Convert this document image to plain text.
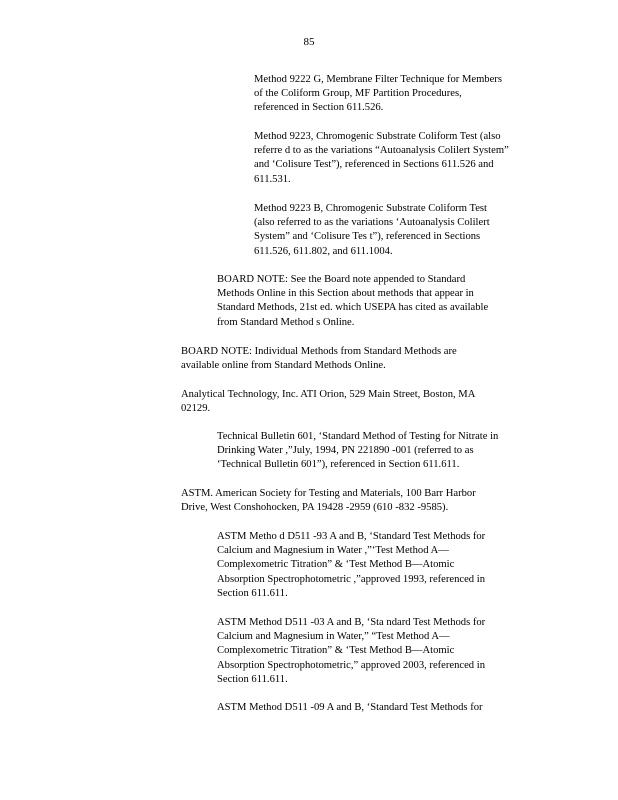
85
Method 9222 G, Membrane Filter Technique for Members
of the Coliform Group, MF Partition Procedures,
referenced in Section 611.526.
Method 9223, Chromogenic Substrate Coliform Test (also
referre d to as the variations “Autoanalysis Colilert System”
and ‘Colisure Test”), referenced in Sections 611.526 and
611.531.
Method 9223 B, Chromogenic Substrate Coliform Test
(also referred to as the variations ‘Autoanalysis Colilert
System” and ‘Colisure Tes t”), referenced in Sections
611.526, 611.802, and 611.1004.
BOARD NOTE: See the Board note appended to Standard
Methods Online in this Section about methods that appear in
Standard Methods, 21st ed. which USEPA has cited as available
from Standard Method s Online.
BOARD NOTE: Individual Methods from Standard Methods are
available online from Standard Methods Online.
Analytical Technology, Inc. ATI Orion, 529 Main Street, Boston, MA
02129.
Technical Bulletin 601, ‘Standard Method of Testing for Nitrate in
Drinking Water ,”July, 1994, PN 221890 -001 (referred to as
‘Technical Bulletin 601”), referenced in Section 611.611.
ASTM. American Society for Testing and Materials, 100 Barr Harbor
Drive, West Conshohocken, PA 19428 -2959 (610 -832 -9585).
ASTM Metho d D511 -93 A and B, ‘Standard Test Methods for
Calcium and Magnesium in Water ,”‘Test Method A—
Complexometric Titration” & ‘Test Method B—Atomic
Absorption Spectrophotometric ,”approved 1993, referenced in
Section 611.611.
ASTM Method D511 -03 A and B, ‘Sta ndard Test Methods for
Calcium and Magnesium in Water,” “Test Method A—
Complexometric Titration” & ‘Test Method B—Atomic
Absorption Spectrophotometric,” approved 2003, referenced in
Section 611.611.
ASTM Method D511 -09 A and B, ‘Standard Test Methods for
